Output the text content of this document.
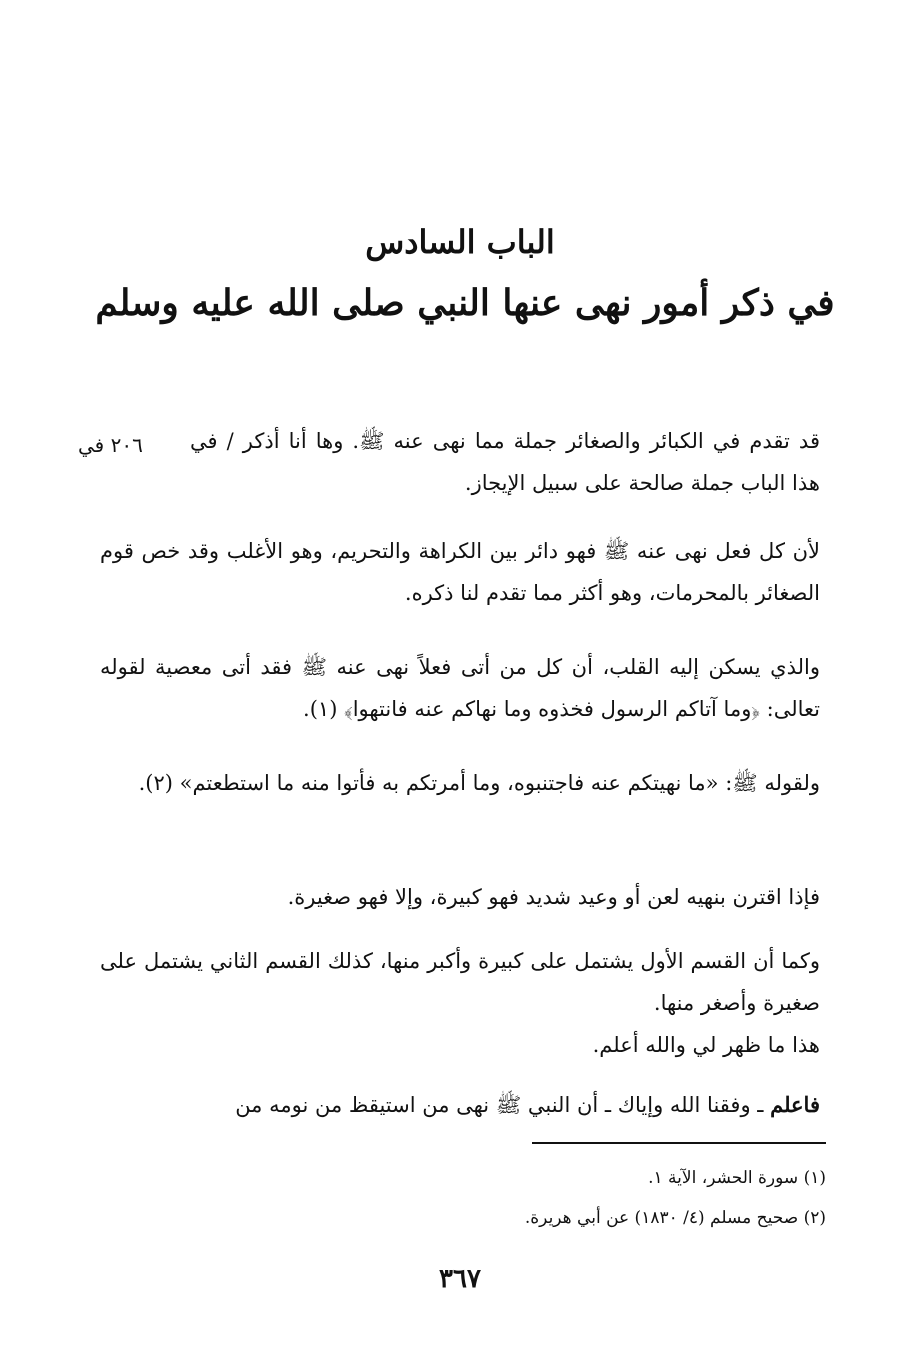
الباب السادس
في ذكر أمور نهى عنها النبي صلى الله عليه وسلم
٢٠٦ في قد تقدم في الكبائر والصغائر جملة مما نهى عنه ﷺ. وها أنا أذكر / في هذا الباب جملة صالحة على سبيل الإيجاز.
لأن كل فعل نهى عنه ﷺ فهو دائر بين الكراهة والتحريم، وهو الأغلب وقد خص قوم الصغائر بالمحرمات، وهو أكثر مما تقدم لنا ذكره.
والذي يسكن إليه القلب، أن كل من أتى فعلاً نهى عنه ﷺ فقد أتى معصية لقوله تعالى: ﴿وما آتاكم الرسول فخذوه وما نهاكم عنه فانتهوا﴾ (١).
ولقوله ﷺ: «ما نهيتكم عنه فاجتنبوه، وما أمرتكم به فأتوا منه ما استطعتم» (٢).
فإذا اقترن بنهيه لعن أو وعيد شديد فهو كبيرة، وإلا فهو صغيرة.
وكما أن القسم الأول يشتمل على كبيرة وأكبر منها، كذلك القسم الثاني يشتمل على صغيرة وأصغر منها.
هذا ما ظهر لي والله أعلم.
فاعلم ـ وفقنا الله وإياك ـ أن النبي ﷺ نهى من استيقظ من نومه من
(١) سورة الحشر، الآية ١.
(٢) صحيح مسلم (٤/ ١٨٣٠) عن أبي هريرة.
٣٦٧
